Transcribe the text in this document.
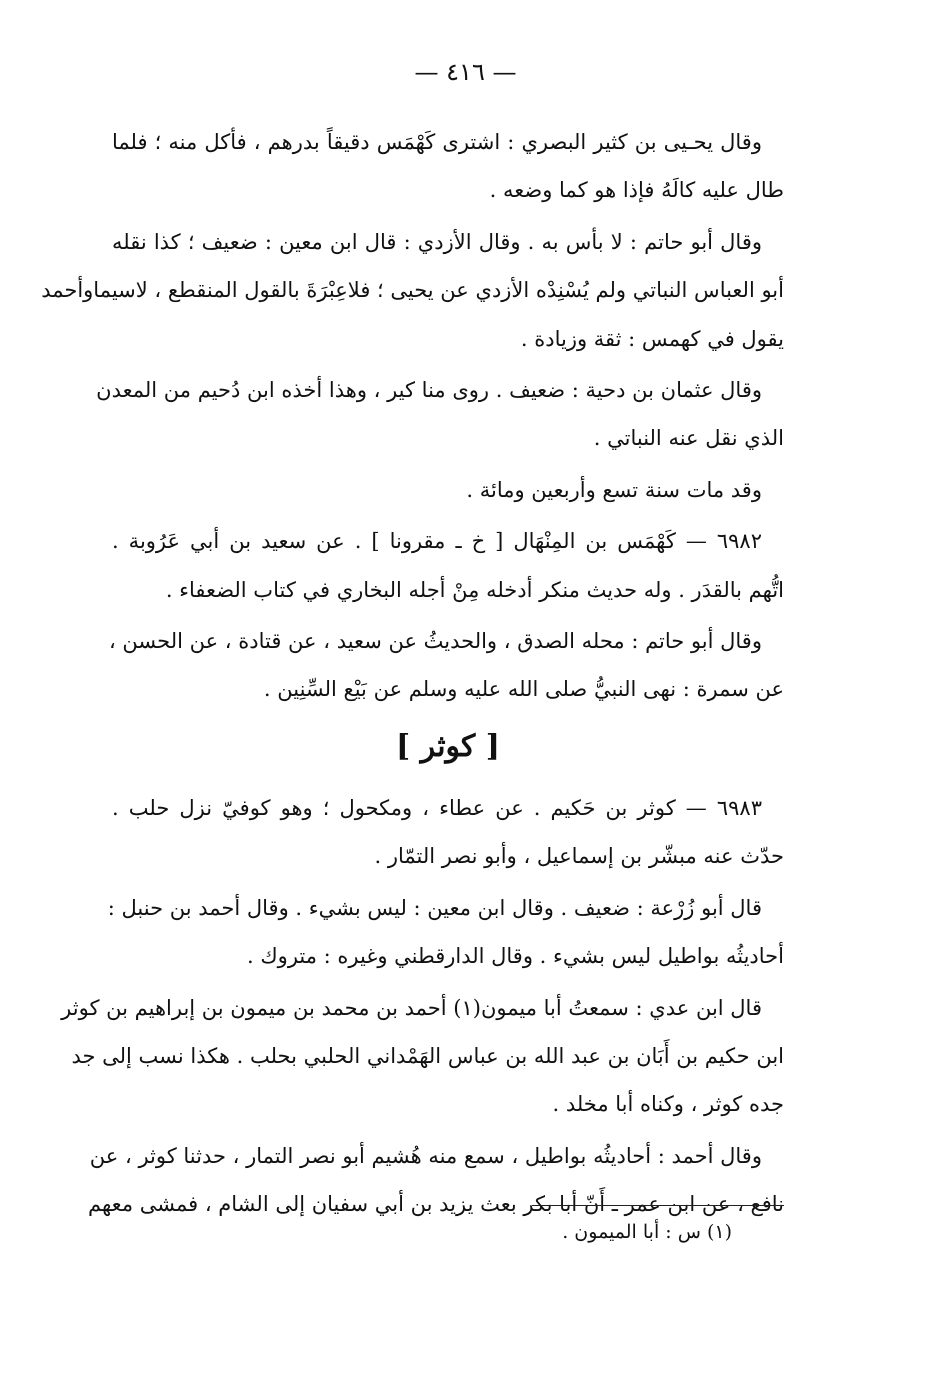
— ٤١٦ —
وقال يحـيى بن كثير البصري : اشترى كَهْمَس دقيقاً بدرهم ، فأكل منه ؛ فلما
طال عليه كالَهُ فإذا هو كما وضعه .
وقال أبو حاتم : لا بأس به . وقال الأزدي : قال ابن معين : ضعيف ؛ كذا نقله
أبو العباس النباتي ولم يُسْنِدْه الأزدي عن يحيى ؛ فلاعِبْرَةَ بالقول المنقطع ، لاسيماوأحمد
يقول في كهمس : ثقة وزيادة .
وقال عثمان بن دحية : ضعيف . روى منا كير ، وهذا أخذه ابن دُحيم من المعدن
الذي نقل عنه النباتي .
وقد مات سنة تسع وأربعين ومائة .
٦٩٨٢ — كَهْمَس بن المِنْهَال [ خ ـ مقرونا ] . عن سعيد بن أبي عَرُوبة .
اتُّهم بالقدَر . وله حديث منكر أدخله مِنْ أجله البخاري في كتاب الضعفاء .
وقال أبو حاتم : محله الصدق ، والحديثُ عن سعيد ، عن قتادة ، عن الحسن ،
عن سمرة : نهى النبيُّ صلى الله عليه وسلم عن بَيْع السِّنِين .
[ كوثر ]
٦٩٨٣ — كوثر بن حَكيم . عن عطاء ، ومكحول ؛ وهو كوفيّ نزل حلب .
حدّث عنه مبشّر بن إسماعيل ، وأبو نصر التمّار .
قال أبو زُرْعة : ضعيف . وقال ابن معين : ليس بشيء . وقال أحمد بن حنبل :
أحاديثُه بواطيل ليس بشيء . وقال الدارقطني وغيره : متروك .
قال ابن عدي : سمعتُ أبا ميمون(١) أحمد بن محمد بن ميمون بن إبراهيم بن كوثر
ابن حكيم بن أَبَان بن عبد الله بن عباس الهَمْداني الحلبي بحلب . هكذا نسب إلى جد
جده كوثر ، وكناه أبا مخلد .
وقال أحمد : أحاديثُه بواطيل ، سمع منه هُشيم أبو نصر التمار ، حدثنا كوثر ، عن
نافع ، عن ابن عمر ـ أَنّ أبا بكر بعث يزيد بن أبي سفيان إلى الشام ، فمشى معهم
(١) س : أبا الميمون .
